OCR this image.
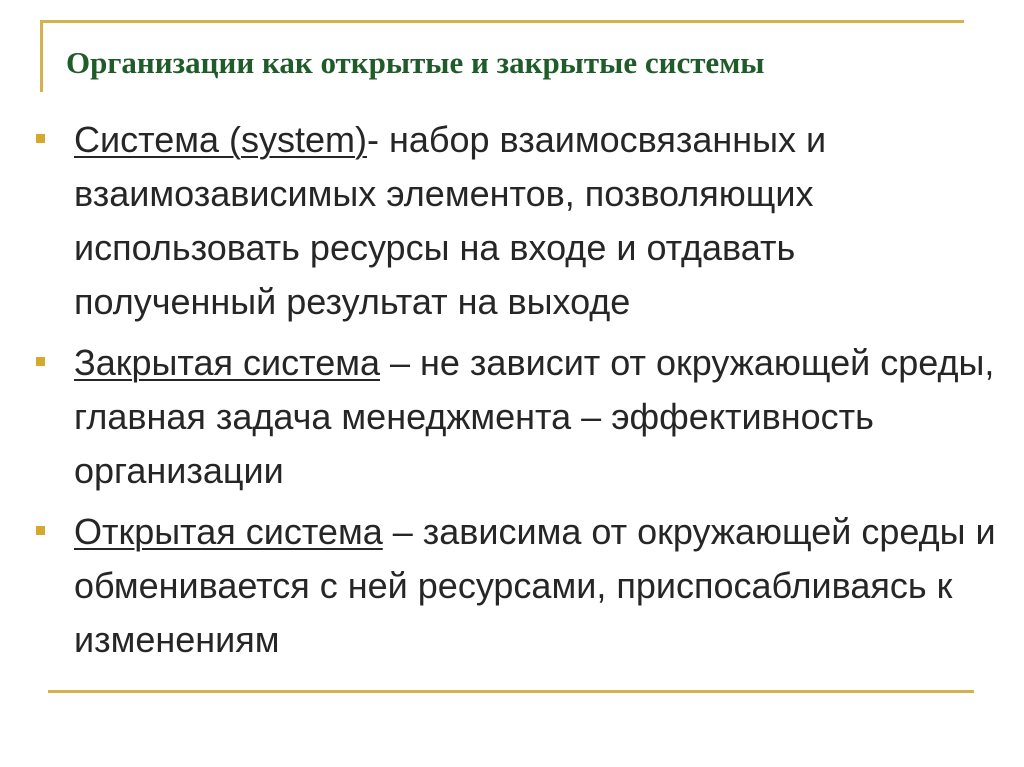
Организации как открытые и закрытые системы
Система (system)- набор взаимосвязанных и взаимозависимых элементов, позволяющих использовать ресурсы на входе и отдавать полученный результат на выходе
Закрытая система – не зависит от окружающей среды, главная задача менеджмента – эффективность организации
Открытая система – зависима от окружающей среды и обменивается с ней ресурсами, приспосабливаясь к изменениям
